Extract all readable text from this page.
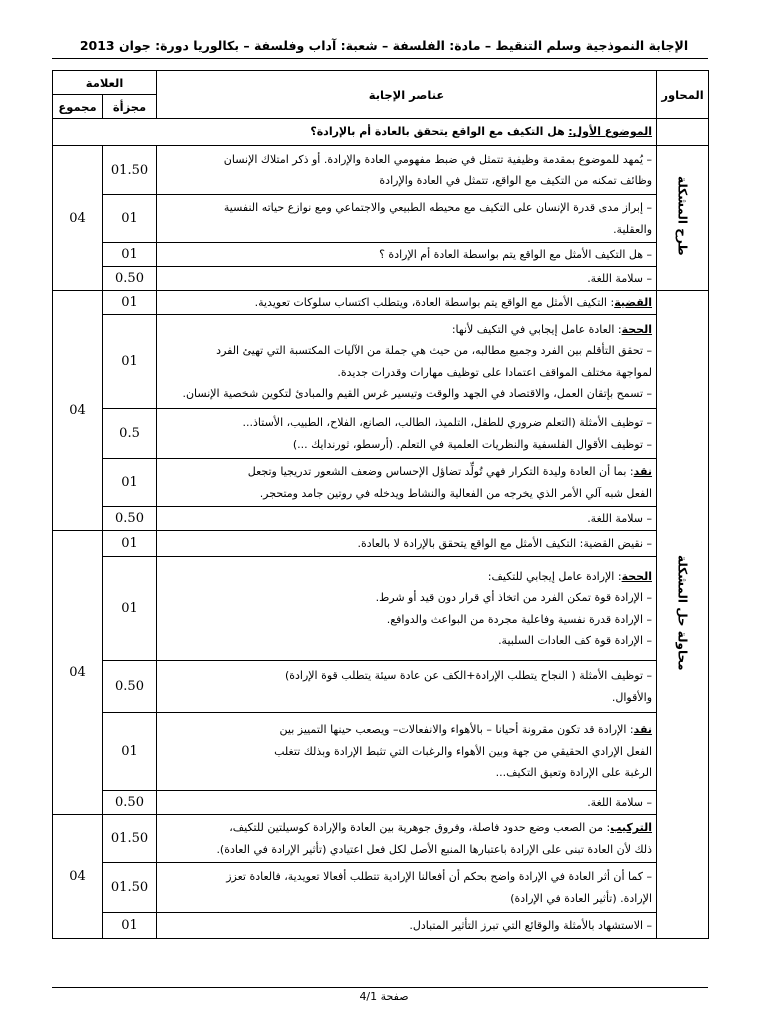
الإجابة النموذجية وسلم التنقيط – مادة: الفلسفة – شعبة: آداب وفلسفة – بكالوريا دورة: جوان 2013
المحاور	عناصر الإجابة	العلامة	
		مجزأة	مجموع
	الموضوع الأول: هل التكيف مع الواقع يتحقق بالعادة أم بالإرادة؟		
طرح المشكلة	– يُمهد للموضوع بمقدمة وظيفية تتمثل في ضبط مفهومي العادة والإرادة. أو ذكر امتلاك الإنسان

وظائف تمكنه من التكيف مع الواقع، تتمثل في العادة والإرادة	01.50	04

	– إبراز مدى قدرة الإنسان على التكيف مع محيطه الطبيعي والاجتماعي ومع نوازع حياته النفسية

والعقلية.	01	
	– هل التكيف الأمثل مع الواقع يتم بواسطة العادة أم الإرادة ؟	01	
	– سلامة اللغة.	0.50	
محاولة حل المشكلة	القضية: التكيف الأمثل مع الواقع يتم بواسطة العادة، ويتطلب اكتساب سلوكات تعويدية.	01	04

	الحجة: العادة عامل إيجابي في التكيف لأنها:

– تحقق التأقلم بين الفرد وجميع مطالبه، من حيث هي جملة من الآليات المكتسبة التي تهيئ الفرد

لمواجهة مختلف المواقف اعتمادا على توظيف مهارات وقدرات جديدة.

– تسمح بإتقان العمل، والاقتصاد في الجهد والوقت وتيسير غرس القيم والمبادئ لتكوين شخصية الإنسان.	01	

	– توظيف الأمثلة (التعلم ضروري للطفل، التلميذ، الطالب، الصانع، الفلاح، الطبيب، الأستاذ...

– توظيف الأقوال الفلسفية والنظريات العلمية في التعلم. (أرسطو، ثورندايك ...)	0.5	

	نقد: بما أن العادة وليدة التكرار فهي تُولِّد تضاؤل الإحساس وضعف الشعور تدريجيا وتجعل

الفعل شبه آلي الأمر الذي يخرجه من الفعالية والنشاط ويدخله في روتين جامد ومتحجر.	01	
	– سلامة اللغة.	0.50	
	– نقيض القضية: التكيف الأمثل مع الواقع يتحقق بالإرادة لا بالعادة.	01	04

	الحجة: الإرادة عامل إيجابي للتكيف:

– الإرادة قوة تمكن الفرد من اتخاذ أي قرار دون قيد أو شرط.

– الإرادة قدرة نفسية وفاعلية مجردة من البواعث والدوافع.

– الإرادة قوة كف العادات السلبية.	01	

	– توظيف الأمثلة ( النجاح يتطلب الإرادة+الكف عن عادة سيئة يتطلب قوة الإرادة)

والأقوال.	0.50	

	نقد: الإرادة قد تكون مقرونة أحيانا – بالأهواء والانفعالات– ويصعب حينها التمييز بين

الفعل الإرادي الحقيقي من جهة وبين الأهواء والرغبات التي تثبط الإرادة وبذلك تتغلب

الرغبة على الإرادة وتعيق التكيف...	01	
	– سلامة اللغة.	0.50	

	التركيب: من الصعب وضع حدود فاصلة، وفروق جوهرية بين العادة والإرادة كوسيلتين للتكيف،

ذلك لأن العادة تبنى على الإرادة باعتبارها المنبع الأصل لكل فعل اعتيادي (تأثير الإرادة في العادة).	01.50	04

	– كما أن أثر العادة في الإرادة واضح بحكم أن أفعالنا الإرادية تتطلب أفعالا تعويدية، فالعادة تعزز

الإرادة. (تأثير العادة في الإرادة)	01.50	
	– الاستشهاد بالأمثلة والوقائع التي تبرز التأثير المتبادل.	01	
صفحة 4/1
